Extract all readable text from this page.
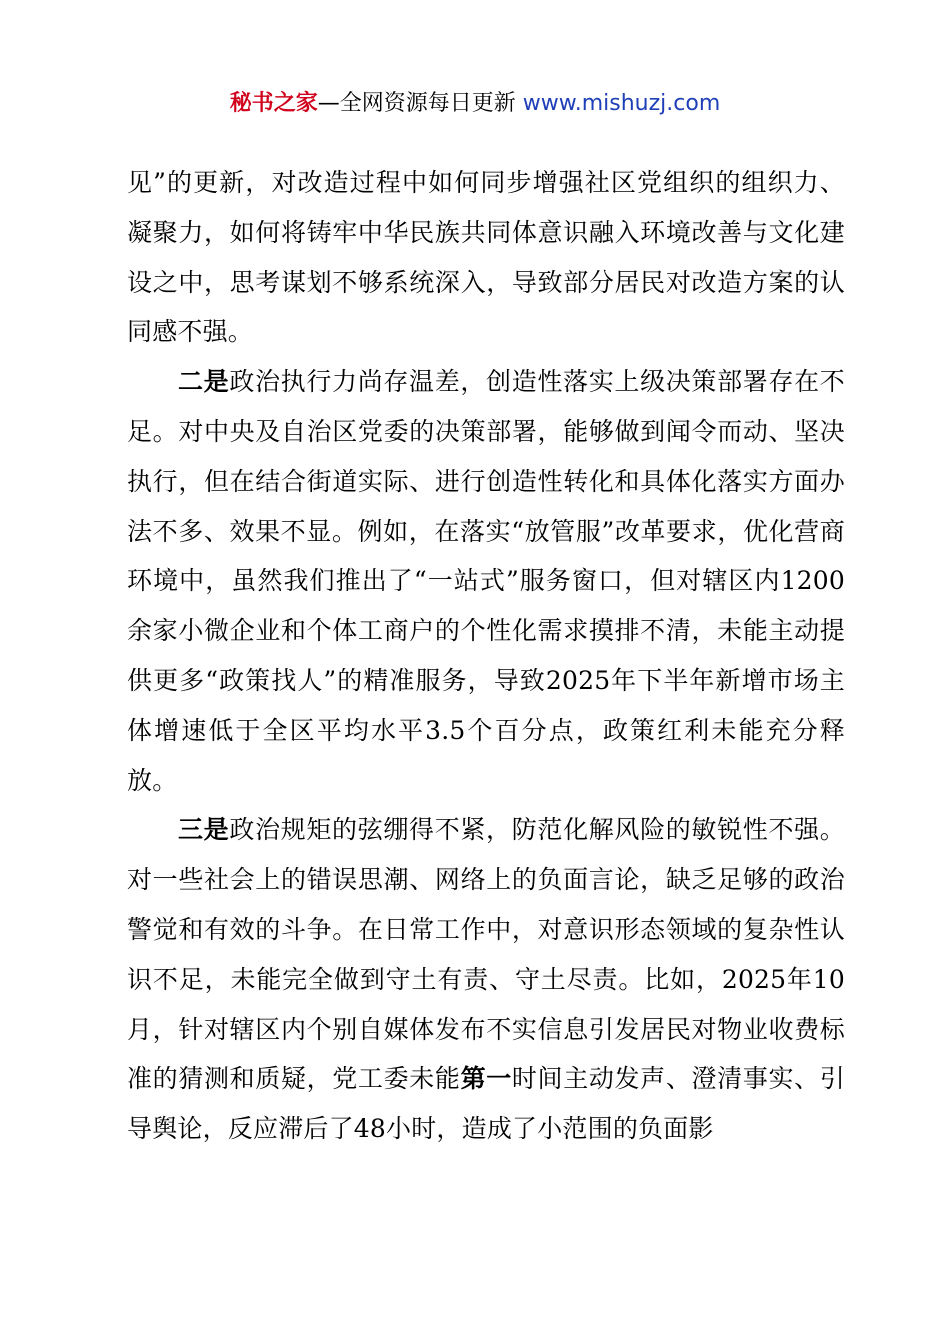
秘书之家—全网资源每日更新 www.mishuzj.com

见”的更新，对改造过程中如何同步增强社区党组织的组织力、凝聚力，如何将铸牢中华民族共同体意识融入环境改善与文化建设之中，思考谋划不够系统深入，导致部分居民对改造方案的认同感不强。

二是政治执行力尚存温差，创造性落实上级决策部署存在不足。对中央及自治区党委的决策部署，能够做到闻令而动、坚决执行，但在结合街道实际、进行创造性转化和具体化落实方面办法不多、效果不显。例如，在落实“放管服”改革要求，优化营商环境中，虽然我们推出了“一站式”服务窗口，但对辖区内1200余家小微企业和个体工商户的个性化需求摸排不清，未能主动提供更多“政策找人”的精准服务，导致2025年下半年新增市场主体增速低于全区平均水平3.5个百分点，政策红利未能充分释放。

三是政治规矩的弦绷得不紧，防范化解风险的敏锐性不强。对一些社会上的错误思潮、网络上的负面言论，缺乏足够的政治警觉和有效的斗争。在日常工作中，对意识形态领域的复杂性认识不足，未能完全做到守土有责、守土尽责。比如，2025年10月，针对辖区内个别自媒体发布不实信息引发居民对物业收费标准的猜测和质疑，党工委未能第一时间主动发声、澄清事实、引导舆论，反应滞后了48小时，造成了小范围的负面影
